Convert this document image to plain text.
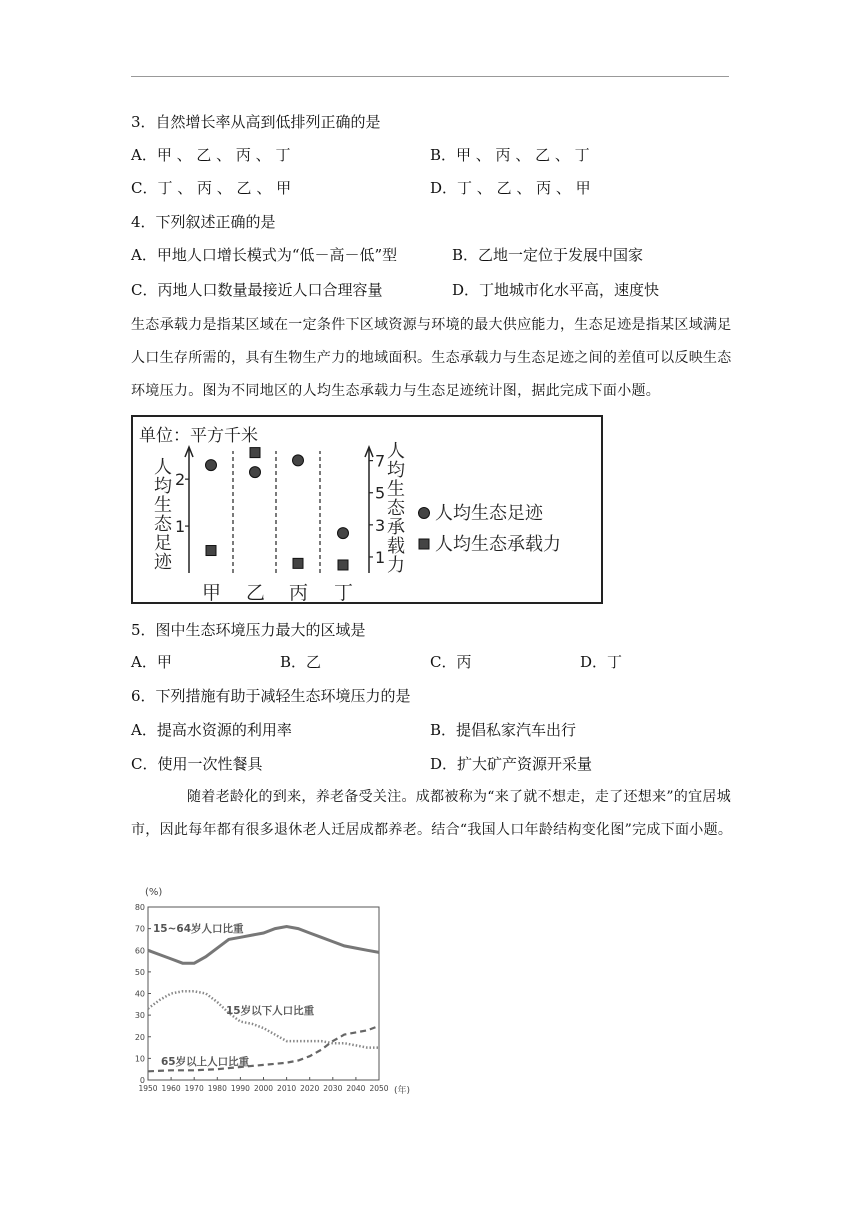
3．自然增长率从高到低排列正确的是
A．甲 、 乙 、 丙 、 丁	B．甲 、 丙 、 乙 、 丁
C．丁 、 丙 、 乙 、 甲	D．丁 、 乙 、 丙 、 甲
4．下列叙述正确的是
A．甲地人口增长模式为“低－高－低”型	B．乙地一定位于发展中国家
C．丙地人口数量最接近人口合理容量	D．丁地城市化水平高，速度快
生态承载力是指某区域在一定条件下区域资源与环境的最大供应能力，生态足迹是指某区域满足人口生存所需的，具有生物生产力的地域面积。生态承载力与生态足迹之间的差值可以反映生态环境压力。图为不同地区的人均生态承载力与生态足迹统计图，据此完成下面小题。
单位：平方千米
人
均
生
态
足
迹
人
均
生
态
承
载
力
1
2
1
3
5
7
甲 乙 丙 丁
人均生态足迹
人均生态承载力
5．图中生态环境压力最大的区域是
A．甲	B．乙	C．丙	D．丁
6．下列措施有助于减轻生态环境压力的是
A．提高水资源的利用率	B．提倡私家汽车出行
C．使用一次性餐具	D．扩大矿产资源开采量
随着老龄化的到来，养老备受关注。成都被称为“来了就不想走，走了还想来”的宜居城市，因此每年都有很多退休老人迁居成都养老。结合“我国人口年龄结构变化图”完成下面小题。
(%)
(年)
0
10
20
30
40
50
60
70
80
1950 1960 1970 1980 1990 2000 2010 2020 2030 2040 2050
15~64岁人口比重
15岁以下人口比重
65岁以上人口比重
